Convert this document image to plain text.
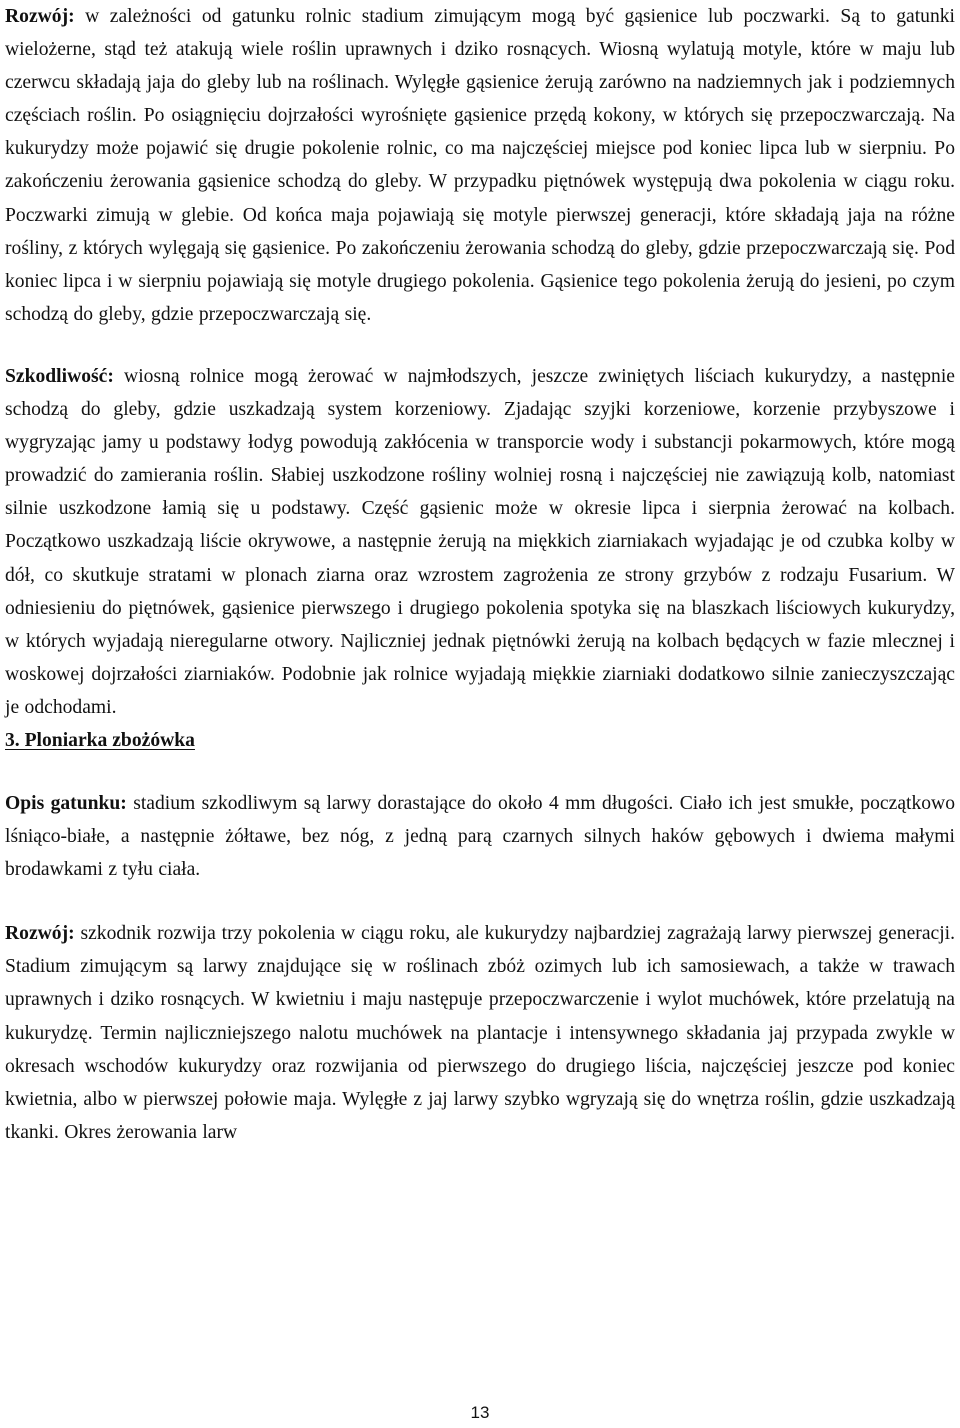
Rozwój: w zależności od gatunku rolnic stadium zimującym mogą być gąsienice lub poczwarki. Są to gatunki wielożerne, stąd też atakują wiele roślin uprawnych i dziko rosnących. Wiosną wylatują motyle, które w maju lub czerwcu składają jaja do gleby lub na roślinach. Wylęgłe gąsienice żerują zarówno na nadziemnych jak i podziemnych częściach roślin. Po osiągnięciu dojrzałości wyrośnięte gąsienice przędą kokony, w których się przepoczwarczają. Na kukurydzy może pojawić się drugie pokolenie rolnic, co ma najczęściej miejsce pod koniec lipca lub w sierpniu. Po zakończeniu żerowania gąsienice schodzą do gleby. W przypadku piętnówek występują dwa pokolenia w ciągu roku. Poczwarki zimują w glebie. Od końca maja pojawiają się motyle pierwszej generacji, które składają jaja na różne rośliny, z których wylęgają się gąsienice. Po zakończeniu żerowania schodzą do gleby, gdzie przepoczwarczają się. Pod koniec lipca i w sierpniu pojawiają się motyle drugiego pokolenia. Gąsienice tego pokolenia żerują do jesieni, po czym schodzą do gleby, gdzie przepoczwarczają się.

Szkodliwość: wiosną rolnice mogą żerować w najmłodszych, jeszcze zwiniętych liściach kukurydzy, a następnie schodzą do gleby, gdzie uszkadzają system korzeniowy. Zjadając szyjki korzeniowe, korzenie przybyszowe i wygryzając jamy u podstawy łodyg powodują zakłócenia w transporcie wody i substancji pokarmowych, które mogą prowadzić do zamierania roślin. Słabiej uszkodzone rośliny wolniej rosną i najczęściej nie zawiązują kolb, natomiast silnie uszkodzone łamią się u podstawy. Część gąsienic może w okresie lipca i sierpnia żerować na kolbach. Początkowo uszkadzają liście okrywowe, a następnie żerują na miękkich ziarniakach wyjadając je od czubka kolby w dół, co skutkuje stratami w plonach ziarna oraz wzrostem zagrożenia ze strony grzybów z rodzaju Fusarium. W odniesieniu do piętnówek, gąsienice pierwszego i drugiego pokolenia spotyka się na blaszkach liściowych kukurydzy, w których wyjadają nieregularne otwory. Najliczniej jednak piętnówki żerują na kolbach będących w fazie mlecznej i woskowej dojrzałości ziarniaków. Podobnie jak rolnice wyjadają miękkie ziarniaki dodatkowo silnie zanieczyszczając je odchodami.

3. Ploniarka zbożówka

Opis gatunku: stadium szkodliwym są larwy dorastające do około 4 mm długości. Ciało ich jest smukłe, początkowo lśniąco-białe, a następnie żółtawe, bez nóg, z jedną parą czarnych silnych haków gębowych i dwiema małymi brodawkami z tyłu ciała.

Rozwój: szkodnik rozwija trzy pokolenia w ciągu roku, ale kukurydzy najbardziej zagrażają larwy pierwszej generacji. Stadium zimującym są larwy znajdujące się w roślinach zbóż ozimych lub ich samosiewach, a także w trawach uprawnych i dziko rosnących. W kwietniu i maju następuje przepoczwarczenie i wylot muchówek, które przelatują na kukurydzę. Termin najliczniejszego nalotu muchówek na plantacje i intensywnego składania jaj przypada zwykle w okresach wschodów kukurydzy oraz rozwijania od pierwszego do drugiego liścia, najczęściej jeszcze pod koniec kwietnia, albo w pierwszej połowie maja. Wylęgłe z jaj larwy szybko wgryzają się do wnętrza roślin, gdzie uszkadzają tkanki. Okres żerowania larw

13
